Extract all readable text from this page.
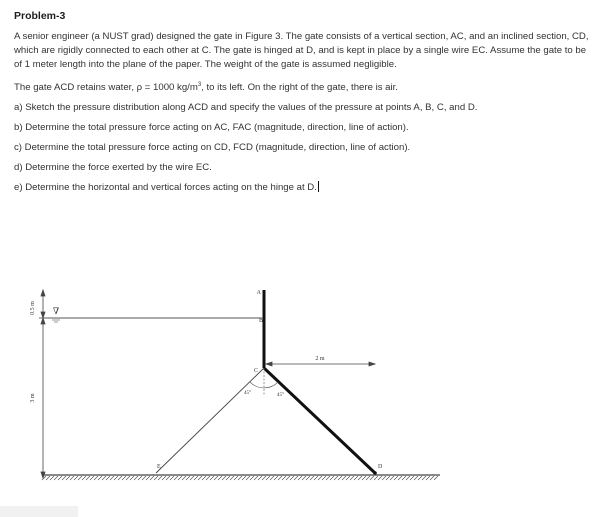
Problem-3
A senior engineer (a NUST grad) designed the gate in Figure 3. The gate consists of a vertical section, AC, and an inclined section, CD, which are rigidly connected to each other at C. The gate is hinged at D, and is kept in place by a single wire EC. Assume the gate to be of 1 meter length into the plane of the paper. The weight of the gate is assumed negligible.
The gate ACD retains water, ρ = 1000 $kg/m^3$, to its left. On the right of the gate, there is air.
a) Sketch the pressure distribution along ACD and specify the values of the pressure at points A, B, C, and D.
b) Determine the total pressure force acting on AC, FAC (magnitude, direction, line of action).
c) Determine the total pressure force acting on CD, FCD (magnitude, direction, line of action).
d) Determine the force exerted by the wire EC.
e) Determine the horizontal and vertical forces acting on the hinge at D.
0.5 m
3 m
∇
A
B
C
D
E
45°	45°
2 m
